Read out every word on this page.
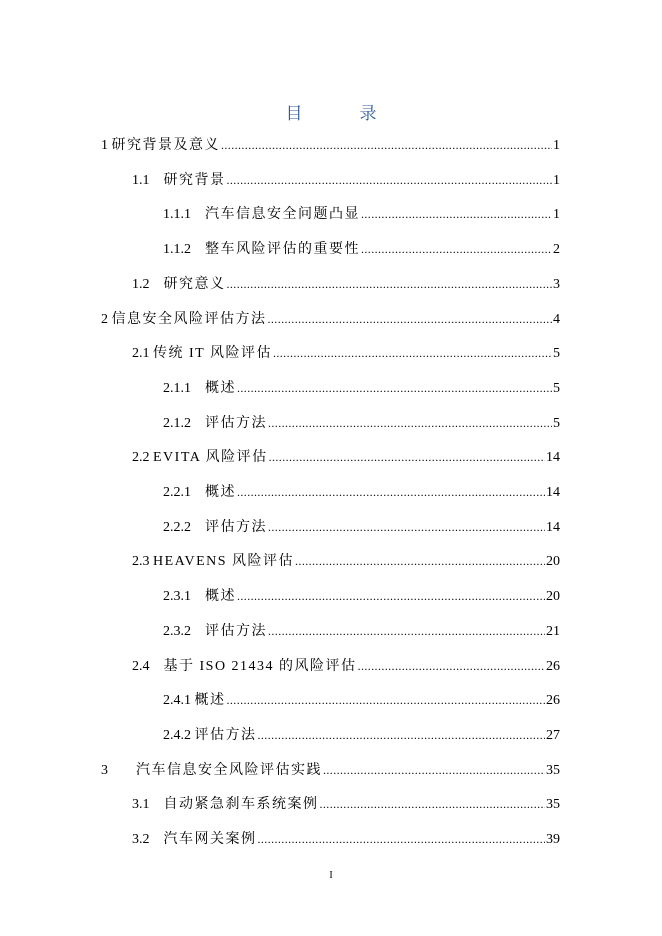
目　录
1 研究背景及意义 .....	1
1.1　 研究背景 .....	1
1.1.1　 汽车信息安全问题凸显 .....	1
1.1.2　 整车风险评估的重要性 .....	2
1.2　 研究意义 .....	3
2 信息安全风险评估方法 .....	4
2.1 传统 IT 风险评估 .....	5
2.1.1　 概述 .....	5
2.1.2　 评估方法 .....	5
2.2 EVITA 风险评估 .....	14
2.2.1　 概述 .....	14
2.2.2　 评估方法 .....	14
2.3 HEAVENS 风险评估 .....	20
2.3.1　 概述 .....	20
2.3.2　 评估方法 .....	21
2.4　 基于 ISO 21434 的风险评估 .....	26
2.4.1 概述 .....	26
2.4.2 评估方法 .....	27
3　　 汽车信息安全风险评估实践 .....	35
3.1　 自动紧急刹车系统案例 .....	35
3.2　 汽车网关案例 .....	39
I
